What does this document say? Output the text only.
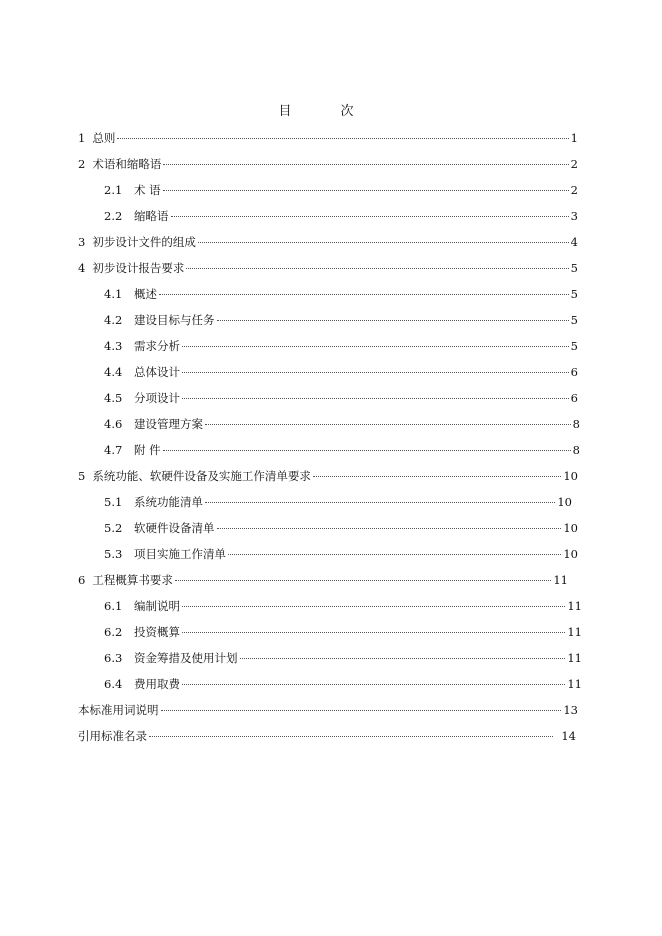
目　次
1 总则	1
2 术语和缩略语	2
2.1	术 语	2
2.2	缩略语	3
3 初步设计文件的组成	4
4 初步设计报告要求	5
4.1	概述	5
4.2	建设目标与任务	5
4.3	需求分析	5
4.4	总体设计	6
4.5	分项设计	6
4.6	建设管理方案	8
4.7	附 件	8
5 系统功能、软硬件设备及实施工作清单要求	10
5.1	系统功能清单	10
5.2	软硬件设备清单	10
5.3	项目实施工作清单	10
6 工程概算书要求	11
6.1	编制说明	11
6.2	投资概算	11
6.3	资金筹措及使用计划	11
6.4	费用取费	11
本标准用词说明	13
引用标准名录	14
